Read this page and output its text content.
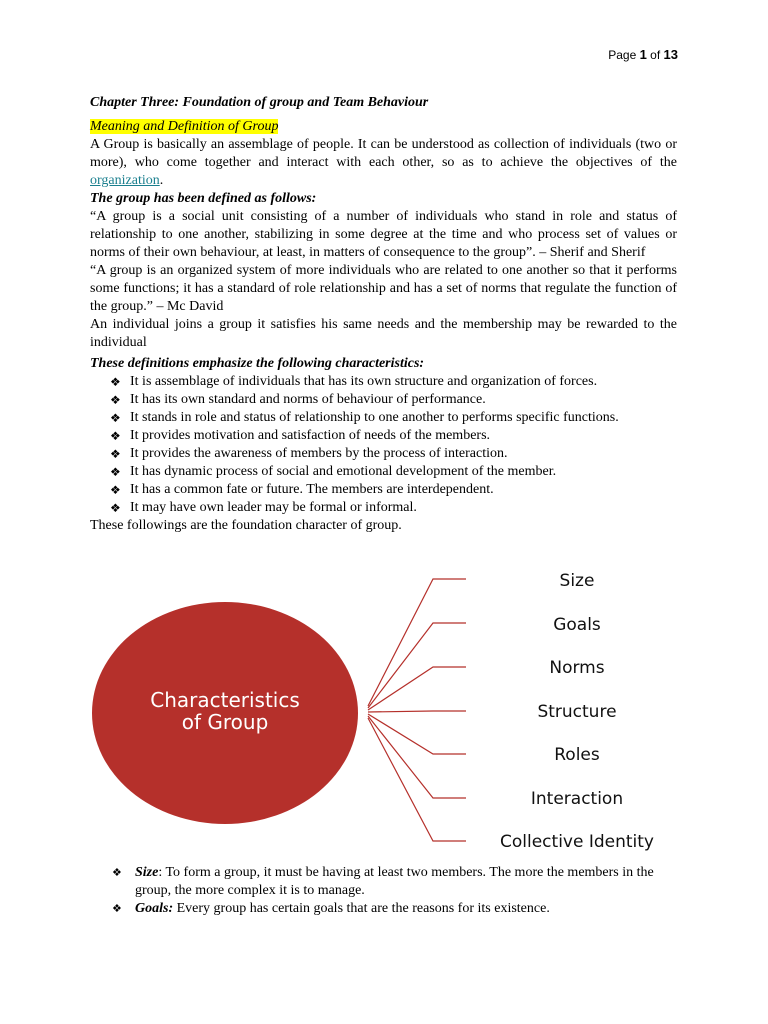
Page 1 of 13

Chapter Three: Foundation of group and Team Behaviour

Meaning and Definition of Group

A Group is basically an assemblage of people. It can be understood as collection of individuals (two or more), who come together and interact with each other, so as to achieve the objectives of the organization.

The group has been defined as follows:

“A group is a social unit consisting of a number of individuals who stand in role and status of relationship to one another, stabilizing in some degree at the time and who process set of values or norms of their own behaviour, at least, in matters of consequence to the group”. – Sherif and Sherif

“A group is an organized system of more individuals who are related to one another so that it performs some functions; it has a standard of role relationship and has a set of norms that regulate the function of the group.” – Mc David

An individual joins a group it satisfies his same needs and the membership may be rewarded to the individual

These definitions emphasize the following characteristics:

❖ It is assemblage of individuals that has its own structure and organization of forces.
❖ It has its own standard and norms of behaviour of performance.
❖ It stands in role and status of relationship to one another to performs specific functions.
❖ It provides motivation and satisfaction of needs of the members.
❖ It provides the awareness of members by the process of interaction.
❖ It has dynamic process of social and emotional development of the member.
❖ It has a common fate or future. The members are interdependent.
❖ It may have own leader may be formal or informal.

These followings are the foundation character of group.

Characteristics
of Group
Size
Goals
Norms
Structure
Roles
Interaction
Collective Identity
❖ Size: To form a group, it must be having at least two members. The more the members in the group, the more complex it is to manage.
❖ Goals: Every group has certain goals that are the reasons for its existence.
